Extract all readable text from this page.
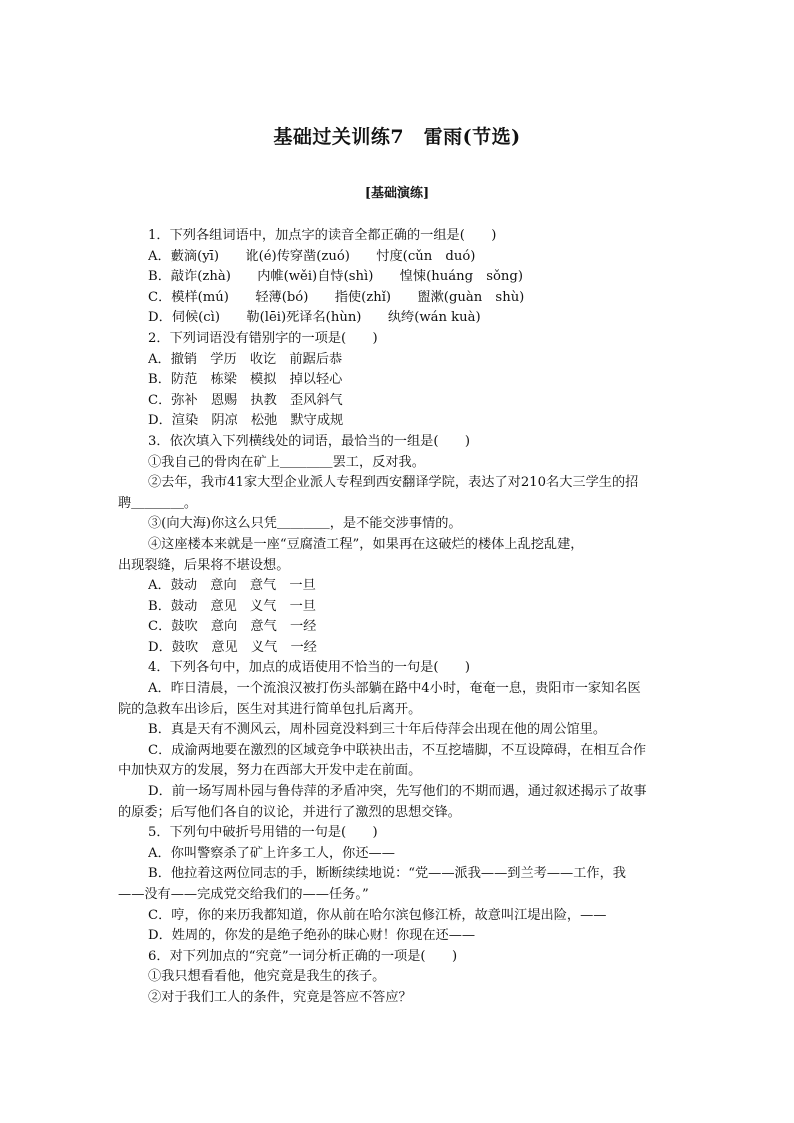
基础过关训练7　雷雨(节选)
[基础演练]
1．下列各组词语中，加点字的读音全都正确的一组是(　　)
A．藪滴(yī)　　讹(é)传穿凿(zuó)　　忖度(cǔn　duó)
B．敲诈(zhà)　　内帷(wěi)自恃(shì)　　惶悚(huáng　sǒng)
C．模样(mú)　　轻薄(bó)　　指使(zhǐ)　　盥漱(guàn　shù)
D．伺候(cì)　　勒(lēi)死译名(hùn)　　纨绔(wán kuà)
2．下列词语没有错别字的一项是(　　)
A．撤销　学历　收讫　前踞后恭
B．防范　栋梁　模拟　掉以轻心
C．弥补　恩赐　执教　歪风斜气
D．渲染　阴凉　松弛　默守成规
3．依次填入下列横线处的词语，最恰当的一组是(　　)
①我自己的骨肉在矿上＿＿＿＿罢工，反对我。
②去年，我市41家大型企业派人专程到西安翻译学院，表达了对210名大三学生的招
聘＿＿＿＿。
③(向大海)你这么只凭＿＿＿＿，是不能交涉事情的。
④这座楼本来就是一座“豆腐渣工程”，如果再在这破烂的楼体上乱挖乱建，
出现裂缝，后果将不堪设想。
A．鼓动　意向　意气　一旦
B．鼓动　意见　义气　一旦
C．鼓吹　意向　意气　一经
D．鼓吹　意见　义气　一经
4．下列各句中，加点的成语使用不恰当的一句是(　　)
A．昨日清晨，一个流浪汉被打伤头部躺在路中4小时，奄奄一息，贵阳市一家知名医
院的急救车出诊后，医生对其进行简单包扎后离开。
B．真是天有不测风云，周朴园竟没料到三十年后侍萍会出现在他的周公馆里。
C．成渝两地要在激烈的区域竞争中联袂出击，不互挖墙脚，不互设障碍，在相互合作
中加快双方的发展，努力在西部大开发中走在前面。
D．前一场写周朴园与鲁侍萍的矛盾冲突，先写他们的不期而遇，通过叙述揭示了故事
的原委；后写他们各自的议论，并进行了激烈的思想交锋。
5．下列句中破折号用错的一句是(　　)
A．你叫警察杀了矿上许多工人，你还——
B．他拉着这两位同志的手，断断续续地说：“党——派我——到兰考——工作，我
——没有——完成党交给我们的——任务。”
C．哼，你的来历我都知道，你从前在哈尔滨包修江桥，故意叫江堤出险，——
D．姓周的，你发的是绝子绝孙的昧心财！你现在还——
6．对下列加点的“究竟”一词分析正确的一项是(　　)
①我只想看看他，他究竟是我生的孩子。
②对于我们工人的条件，究竟是答应不答应？
